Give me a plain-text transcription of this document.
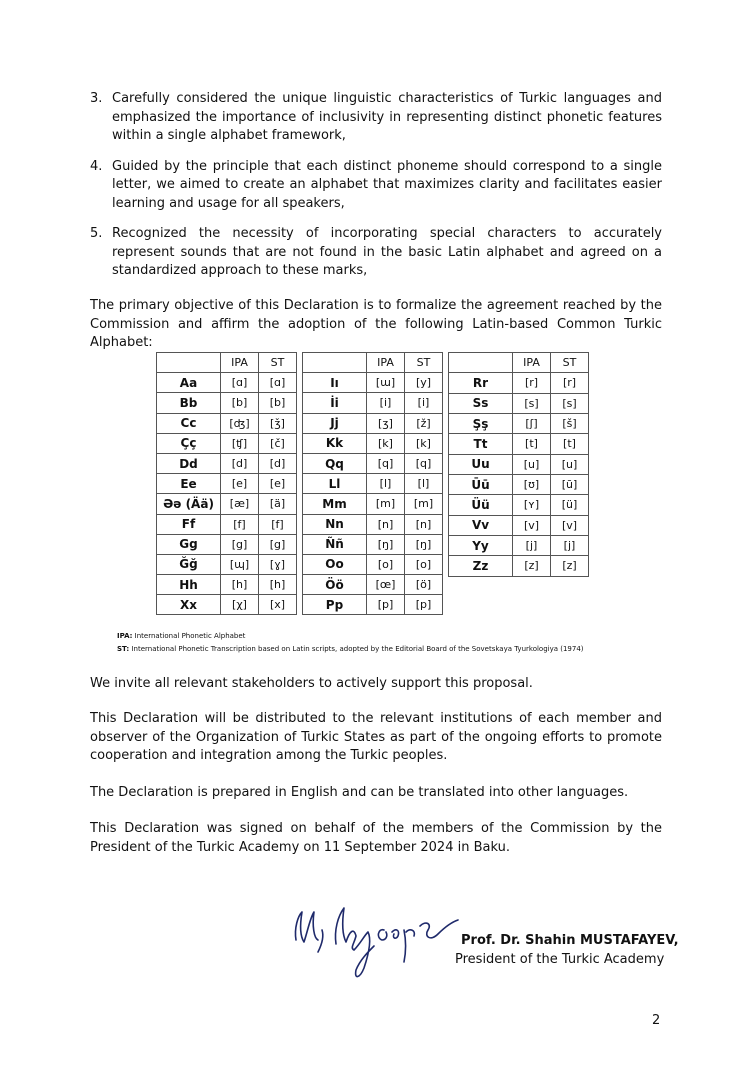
3. Carefully considered the unique linguistic characteristics of Turkic languages and emphasized the importance of inclusivity in representing distinct phonetic features within a single alphabet framework,
4. Guided by the principle that each distinct phoneme should correspond to a single letter, we aimed to create an alphabet that maximizes clarity and facilitates easier learning and usage for all speakers,
5. Recognized the necessity of incorporating special characters to accurately represent sounds that are not found in the basic Latin alphabet and agreed on a standardized approach to these marks,

The primary objective of this Declaration is to formalize the agreement reached by the Commission and affirm the adoption of the following Latin-based Common Turkic Alphabet:

	IPA	ST
Aa	[ɑ]	[ɑ]
Bb	[b]	[b]
Cc	[ʤ]	[ǯ]
Çç	[ʧ]	[č]
Dd	[d]	[d]
Ee	[e]	[e]
Əə (Ää)	[æ]	[ä]
Ff	[f]	[f]
Gg	[g]	[g]
Ğğ	[ɰ]	[ɣ]
Hh	[h]	[h]
Xx	[χ]	[x]
	IPA	ST
Iı	[ɯ]	[y]
İi	[i]	[i]
Jj	[ʒ]	[ž]
Kk	[k]	[k]
Qq	[q]	[q]
Ll	[l]	[l]
Mm	[m]	[m]
Nn	[n]	[n]
Ññ	[ŋ]	[ŋ]
Oo	[o]	[o]
Öö	[œ]	[ö]
Pp	[p]	[p]
	IPA	ST
Rr	[r]	[r]
Ss	[s]	[s]
Şş	[ʃ]	[š]
Tt	[t]	[t]
Uu	[u]	[u]
Ūū	[ʊ]	[ū]
Üü	[ʏ]	[ü]
Vv	[v]	[v]
Yy	[j]	[j]
Zz	[z]	[z]

IPA: International Phonetic Alphabet
ST: International Phonetic Transcription based on Latin scripts, adopted by the Editorial Board of the Sovetskaya Tyurkologiya (1974)

We invite all relevant stakeholders to actively support this proposal.

This Declaration will be distributed to the relevant institutions of each member and observer of the Organization of Turkic States as part of the ongoing efforts to promote cooperation and integration among the Turkic peoples.

The Declaration is prepared in English and can be translated into other languages.

This Declaration was signed on behalf of the members of the Commission by the President of the Turkic Academy on 11 September 2024 in Baku.

Prof. Dr. Shahin MUSTAFAYEV,
President of the Turkic Academy
2
